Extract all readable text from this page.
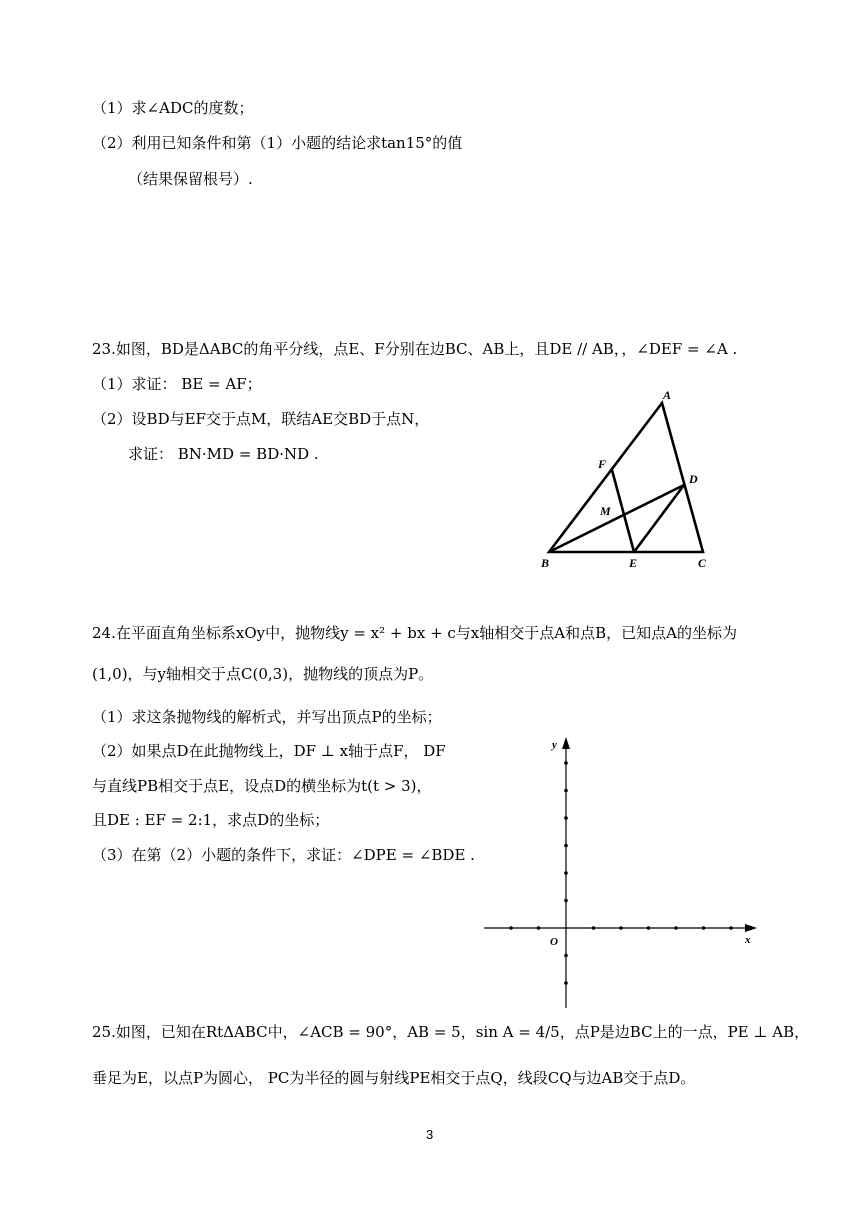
（1）求∠ADC的度数；
（2）利用已知条件和第（1）小题的结论求tan15°的值
（结果保留根号）.
23.如图，BD是ΔABC的角平分线，点E、F分别在边BC、AB上，且DE // AB，，∠DEF = ∠A .
（1）求证： BE = AF；
（2）设BD与EF交于点M，联结AE交BD于点N，
求证： BN·MD = BD·ND .
A
B	C
D
E
F
M
24.在平面直角坐标系xOy中，抛物线y = x² + bx + c与x轴相交于点A和点B，已知点A的坐标为
(1,0)，与y轴相交于点C(0,3)，抛物线的顶点为P。
（1）求这条抛物线的解析式，并写出顶点P的坐标；
（2）如果点D在此抛物线上，DF ⊥ x轴于点F， DF
与直线PB相交于点E，设点D的横坐标为t(t > 3)，
且DE : EF = 2:1，求点D的坐标；
（3）在第（2）小题的条件下，求证：∠DPE = ∠BDE .
x
y
O
25.如图，已知在RtΔABC中，∠ACB = 90°，AB = 5，sin A = 4/5，点P是边BC上的一点，PE ⊥ AB，
垂足为E，以点P为圆心， PC为半径的圆与射线PE相交于点Q，线段CQ与边AB交于点D。
3
